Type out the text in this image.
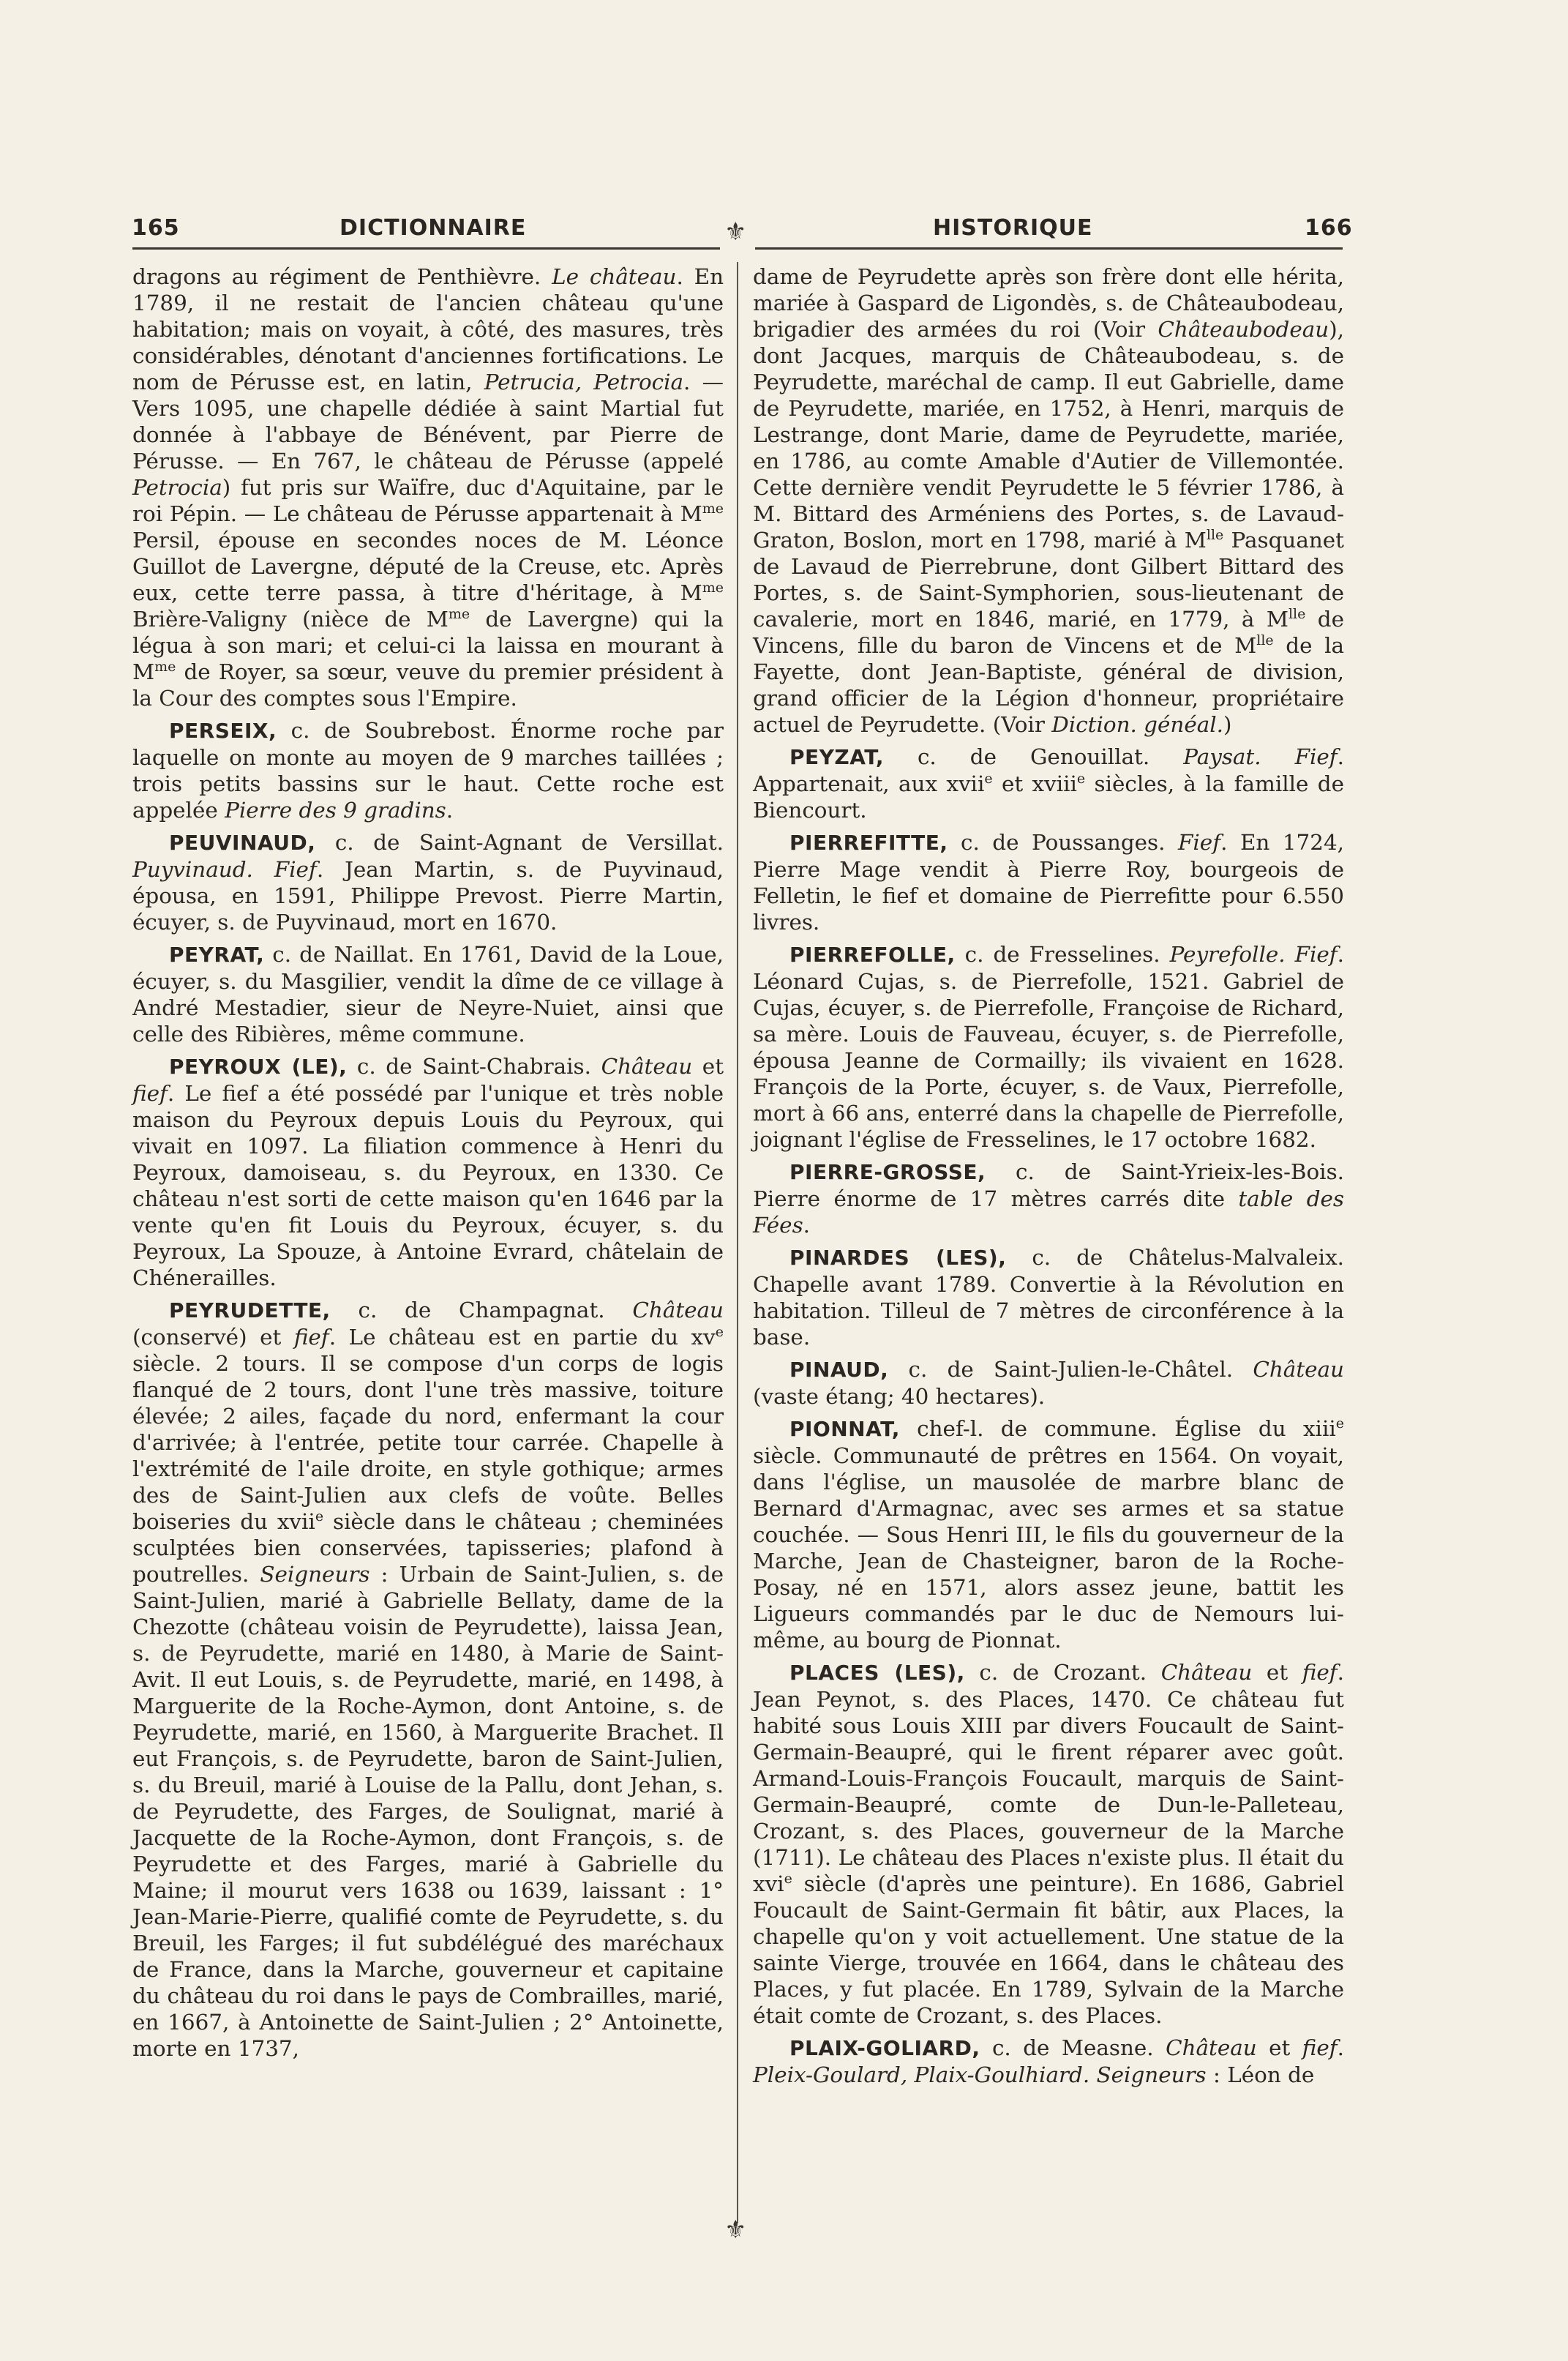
165	DICTIONNAIRE	HISTORIQUE	166
⚜
⚜

dragons au régiment de Penthièvre. Le château. En 1789, il ne restait de l'ancien château qu'une habitation; mais on voyait, à côté, des masures, très considérables, dénotant d'anciennes fortifications. Le nom de Pérusse est, en latin, Petrucia, Petrocia. — Vers 1095, une chapelle dédiée à saint Martial fut donnée à l'abbaye de Bénévent, par Pierre de Pérusse. — En 767, le château de Pérusse (appelé Petrocia) fut pris sur Waïfre, duc d'Aquitaine, par le roi Pépin. — Le château de Pérusse appartenait à $M^{me}$ Persil, épouse en secondes noces de M. Léonce Guillot de Lavergne, député de la Creuse, etc. Après eux, cette terre passa, à titre d'héritage, à $M^{me}$ Brière-Valigny (nièce de $M^{me}$ de Lavergne) qui la légua à son mari; et celui-ci la laissa en mourant à $M^{me}$ de Royer, sa sœur, veuve du premier président à la Cour des comptes sous l'Empire.

PERSEIX, c. de Soubrebost. Énorme roche par laquelle on monte au moyen de 9 marches taillées ; trois petits bassins sur le haut. Cette roche est appelée Pierre des 9 gradins.

PEUVINAUD, c. de Saint-Agnant de Versillat. Puyvinaud. Fief. Jean Martin, s. de Puyvinaud, épousa, en 1591, Philippe Prevost. Pierre Martin, écuyer, s. de Puyvinaud, mort en 1670.

PEYRAT, c. de Naillat. En 1761, David de la Loue, écuyer, s. du Masgilier, vendit la dîme de ce village à André Mestadier, sieur de Neyre-Nuiet, ainsi que celle des Ribières, même commune.

PEYROUX (LE), c. de Saint-Chabrais. Château et fief. Le fief a été possédé par l'unique et très noble maison du Peyroux depuis Louis du Peyroux, qui vivait en 1097. La filiation commence à Henri du Peyroux, damoiseau, s. du Peyroux, en 1330. Ce château n'est sorti de cette maison qu'en 1646 par la vente qu'en fit Louis du Peyroux, écuyer, s. du Peyroux, La Spouze, à Antoine Evrard, châtelain de Chénerailles.

PEYRUDETTE, c. de Champagnat. Château (conservé) et fief. Le château est en partie du $xv^e$ siècle. 2 tours. Il se compose d'un corps de logis flanqué de 2 tours, dont l'une très massive, toiture élevée; 2 ailes, façade du nord, enfermant la cour d'arrivée; à l'entrée, petite tour carrée. Chapelle à l'extrémité de l'aile droite, en style gothique; armes des de Saint-Julien aux clefs de voûte. Belles boiseries du xvii$^e$ siècle dans le château ; cheminées sculptées bien conservées, tapisseries; plafond à poutrelles. Seigneurs : Urbain de Saint-Julien, s. de Saint-Julien, marié à Gabrielle Bellaty, dame de la Chezotte (château voisin de Peyrudette), laissa Jean, s. de Peyrudette, marié en 1480, à Marie de Saint-Avit. Il eut Louis, s. de Peyrudette, marié, en 1498, à Marguerite de la Roche-Aymon, dont Antoine, s. de Peyrudette, marié, en 1560, à Marguerite Brachet. Il eut François, s. de Peyrudette, baron de Saint-Julien, s. du Breuil, marié à Louise de la Pallu, dont Jehan, s. de Peyrudette, des Farges, de Soulignat, marié à Jacquette de la Roche-Aymon, dont François, s. de Peyrudette et des Farges, marié à Gabrielle du Maine; il mourut vers 1638 ou 1639, laissant : 1° Jean-Marie-Pierre, qualifié comte de Peyrudette, s. du Breuil, les Farges; il fut subdélégué des maréchaux de France, dans la Marche, gouverneur et capitaine du château du roi dans le pays de Combrailles, marié, en 1667, à Antoinette de Saint-Julien ; 2° Antoinette, morte en 1737,

dame de Peyrudette après son frère dont elle hérita, mariée à Gaspard de Ligondès, s. de Châteaubodeau, brigadier des armées du roi (Voir Châteaubodeau), dont Jacques, marquis de Châteaubodeau, s. de Peyrudette, maréchal de camp. Il eut Gabrielle, dame de Peyrudette, mariée, en 1752, à Henri, marquis de Lestrange, dont Marie, dame de Peyrudette, mariée, en 1786, au comte Amable d'Autier de Villemontée. Cette dernière vendit Peyrudette le 5 février 1786, à M. Bittard des Arméniens des Portes, s. de Lavaud-Graton, Boslon, mort en 1798, marié à $M^{lle}$ Pasquanet de Lavaud de Pierrebrune, dont Gilbert Bittard des Portes, s. de Saint-Symphorien, sous-lieutenant de cavalerie, mort en 1846, marié, en 1779, à $M^{lle}$ de Vincens, fille du baron de Vincens et de $M^{lle}$ de la Fayette, dont Jean-Baptiste, général de division, grand officier de la Légion d'honneur, propriétaire actuel de Peyrudette. (Voir Diction. généal.)

PEYZAT, c. de Genouillat. Paysat. Fief. Appartenait, aux xvii$^e$ et xviii$^e$ siècles, à la famille de Biencourt.

PIERREFITTE, c. de Poussanges. Fief. En 1724, Pierre Mage vendit à Pierre Roy, bourgeois de Felletin, le fief et domaine de Pierrefitte pour 6.550 livres.

PIERREFOLLE, c. de Fresselines. Peyrefolle. Fief. Léonard Cujas, s. de Pierrefolle, 1521. Gabriel de Cujas, écuyer, s. de Pierrefolle, Françoise de Richard, sa mère. Louis de Fauveau, écuyer, s. de Pierrefolle, épousa Jeanne de Cormailly; ils vivaient en 1628. François de la Porte, écuyer, s. de Vaux, Pierrefolle, mort à 66 ans, enterré dans la chapelle de Pierrefolle, joignant l'église de Fresselines, le 17 octobre 1682.

PIERRE-GROSSE, c. de Saint-Yrieix-les-Bois. Pierre énorme de 17 mètres carrés dite table des Fées.

PINARDES (LES), c. de Châtelus-Malvaleix. Chapelle avant 1789. Convertie à la Révolution en habitation. Tilleul de 7 mètres de circonférence à la base.

PINAUD, c. de Saint-Julien-le-Châtel. Château (vaste étang; 40 hectares).

PIONNAT, chef-l. de commune. Église du xiii$^e$ siècle. Communauté de prêtres en 1564. On voyait, dans l'église, un mausolée de marbre blanc de Bernard d'Armagnac, avec ses armes et sa statue couchée. — Sous Henri III, le fils du gouverneur de la Marche, Jean de Chasteigner, baron de la Roche-Posay, né en 1571, alors assez jeune, battit les Ligueurs commandés par le duc de Nemours lui-même, au bourg de Pionnat.

PLACES (LES), c. de Crozant. Château et fief. Jean Peynot, s. des Places, 1470. Ce château fut habité sous Louis XIII par divers Foucault de Saint-Germain-Beaupré, qui le firent réparer avec goût. Armand-Louis-François Foucault, marquis de Saint-Germain-Beaupré, comte de Dun-le-Palleteau, Crozant, s. des Places, gouverneur de la Marche (1711). Le château des Places n'existe plus. Il était du xvi$^e$ siècle (d'après une peinture). En 1686, Gabriel Foucault de Saint-Germain fit bâtir, aux Places, la chapelle qu'on y voit actuellement. Une statue de la sainte Vierge, trouvée en 1664, dans le château des Places, y fut placée. En 1789, Sylvain de la Marche était comte de Crozant, s. des Places.

PLAIX-GOLIARD, c. de Measne. Château et fief. Pleix-Goulard, Plaix-Goulhiard. Seigneurs : Léon de
